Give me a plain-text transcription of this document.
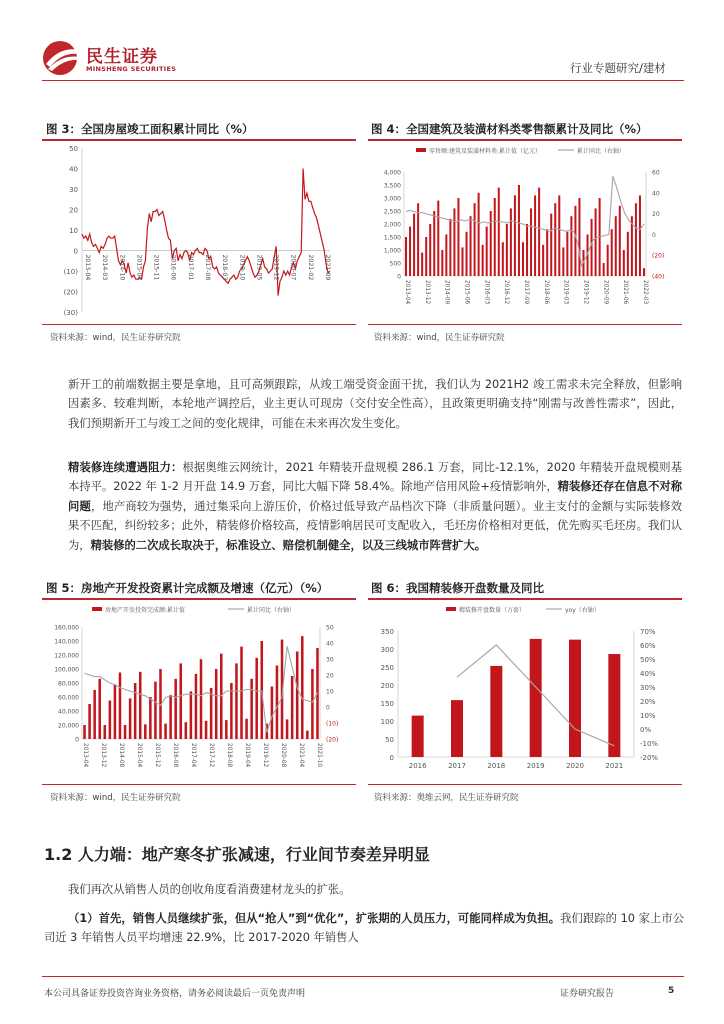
民生证券
MINSHENG SECURITIES	行业专题研究/建材
图 3：全国房屋竣工面积累计同比（%）
50
40
30
20
10
0
(10)
(20)
(30)
2013-04 2014-03 2014-10 2015-04 2015-11 2016-06 2017-01 2017-08 2018-03 2018-10 2019-05 2019-12 2020-07 2021-02 2021-09
资料来源：wind，民生证券研究院
图 4：全国建筑及装潢材料类零售额累计及同比（%）
零售额:建筑及装潢材料类:累计值（亿元）	累计同比（右轴）
4,000
3,500
3,000
2,500
2,000
1,500
1,000
500
0
60
40
20
0
(20)
(40)
2013-04 2013-12 2014-09 2015-06 2016-03 2016-12 2017-09 2018-06 2019-03 2019-12 2020-09 2021-06 2022-03
资料来源：wind，民生证券研究院
新开工的前端数据主要是拿地，且可高频跟踪，从竣工端受资金面干扰，我们认为 2021H2 竣工需求未完全释放，但影响因素多、较难判断，本轮地产调控后，业主更认可现房（交付安全性高），且政策更明确支持“刚需与改善性需求”，因此，我们预期新开工与竣工之间的变化规律，可能在未来再次发生变化。
精装修连续遭遇阻力：根据奥维云网统计，2021 年精装开盘规模 286.1 万套，同比-12.1%，2020 年精装开盘规模则基本持平。2022 年 1-2 月开盘 14.9 万套，同比大幅下降 58.4%。除地产信用风险+疫情影响外，精装修还存在信息不对称问题，地产商较为强势，通过集采向上游压价，价格过低导致产品档次下降（非质量问题）。业主支付的金额与实际装修效果不匹配，纠纷较多；此外，精装修价格较高，疫情影响居民可支配收入，毛坯房价格相对更低，优先购买毛坯房。我们认为，精装修的二次成长取决于，标准设立、赔偿机制健全，以及三线城市阵营扩大。
图 5：房地产开发投资累计完成额及增速（亿元）（%）
房地产开发投资完成额:累计值	累计同比（右轴）
160,000
140,000
120,000
100,000
80,000
60,000
40,000
20,000
0
50
40
30
20
10
0
(10)
(20)
2013-04 2013-12 2014-08 2015-04 2015-12 2016-08 2017-04 2017-12 2018-08 2019-04 2019-12 2020-08 2021-04 2021-10
资料来源：wind，民生证券研究院
图 6：我国精装修开盘数量及同比
精装修开盘数量（万套）	yoy（右轴）
350
300
250
200
150
100
50
0
70%
60%
50%
40%
30%
20%
10%
0%
-10%
-20%
2016	2017	2018	2019	2020	2021
资料来源：奥维云网，民生证券研究院
1.2 人力端：地产寒冬扩张减速，行业间节奏差异明显
我们再次从销售人员的创收角度看消费建材龙头的扩张。
（1）首先，销售人员继续扩张，但从“抢人”到“优化”，扩张期的人员压力，可能同样成为负担。我们跟踪的 10 家上市公司近 3 年销售人员平均增速 22.9%，比 2017-2020 年销售人
本公司具备证券投资咨询业务资格，请务必阅读最后一页免责声明	证券研究报告	5
